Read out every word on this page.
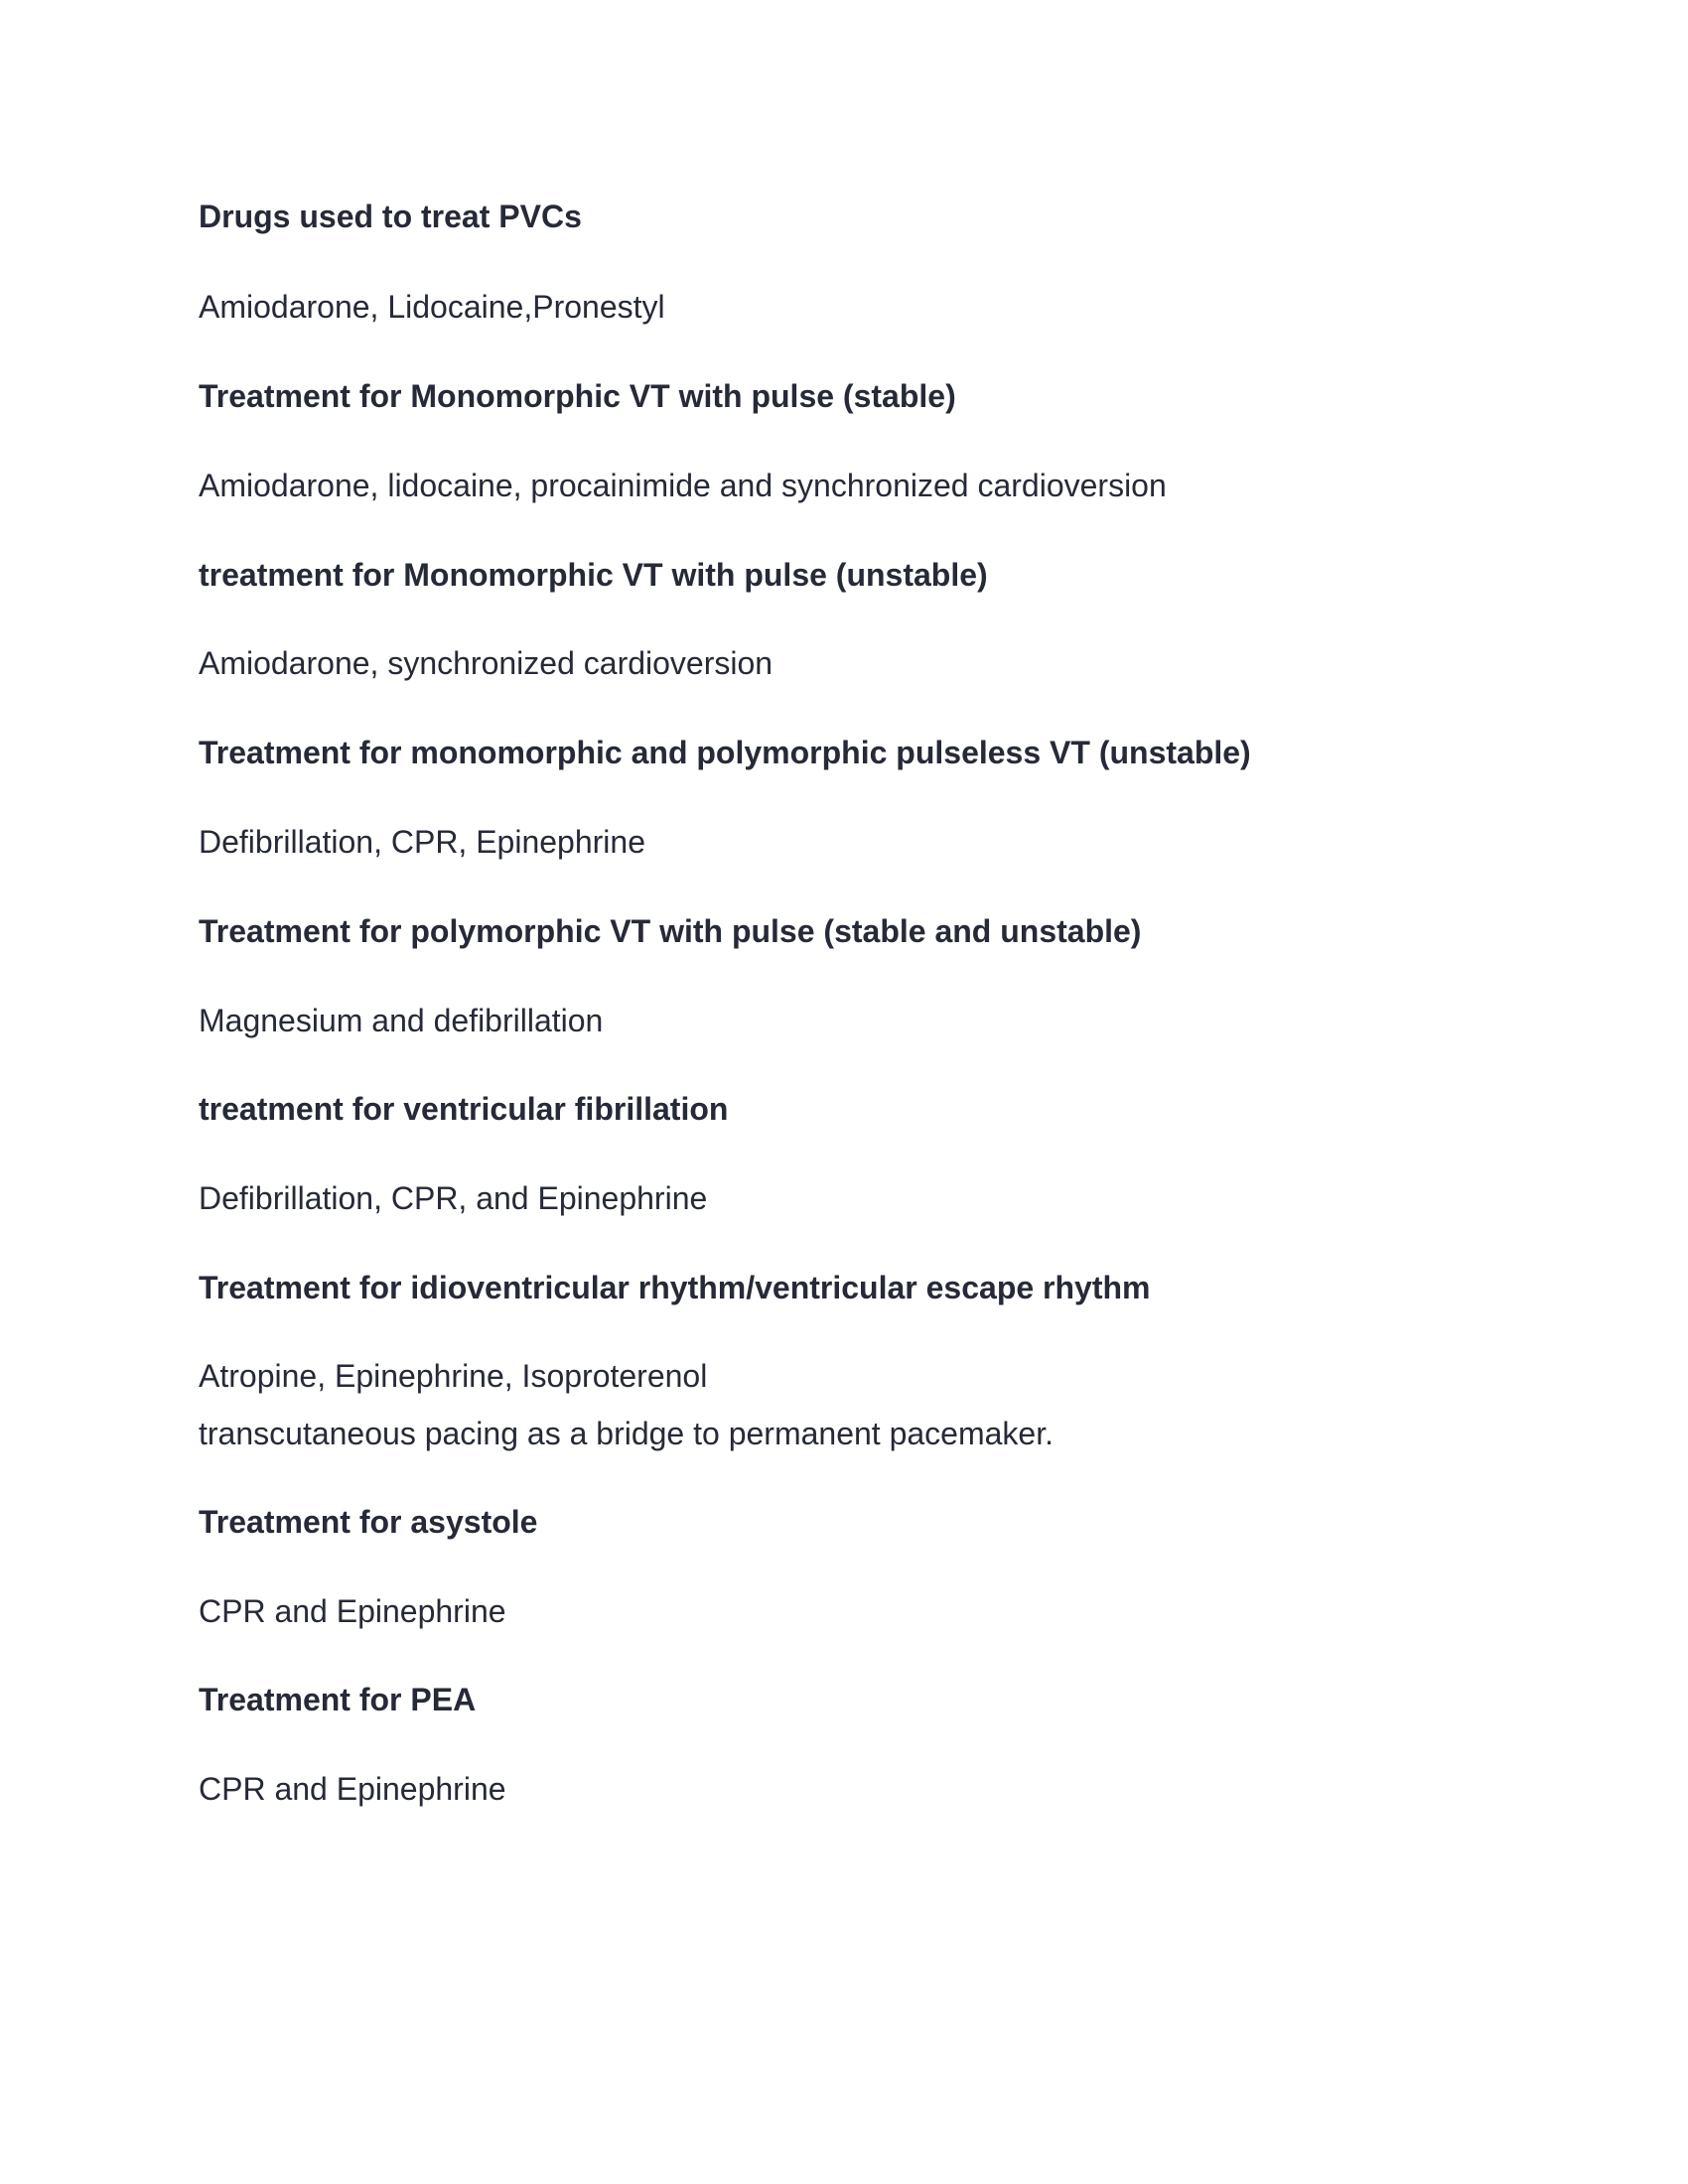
Drugs used to treat PVCs

Amiodarone, Lidocaine,Pronestyl

Treatment for Monomorphic VT with pulse (stable)

Amiodarone, lidocaine, procainimide and synchronized cardioversion

treatment for Monomorphic VT with pulse (unstable)

Amiodarone, synchronized cardioversion

Treatment for monomorphic and polymorphic pulseless VT (unstable)

Defibrillation, CPR, Epinephrine

Treatment for polymorphic VT with pulse (stable and unstable)

Magnesium and defibrillation

treatment for ventricular fibrillation

Defibrillation, CPR, and Epinephrine

Treatment for idioventricular rhythm/ventricular escape rhythm

Atropine, Epinephrine, Isoproterenol

transcutaneous pacing as a bridge to permanent pacemaker.

Treatment for asystole

CPR and Epinephrine

Treatment for PEA

CPR and Epinephrine
